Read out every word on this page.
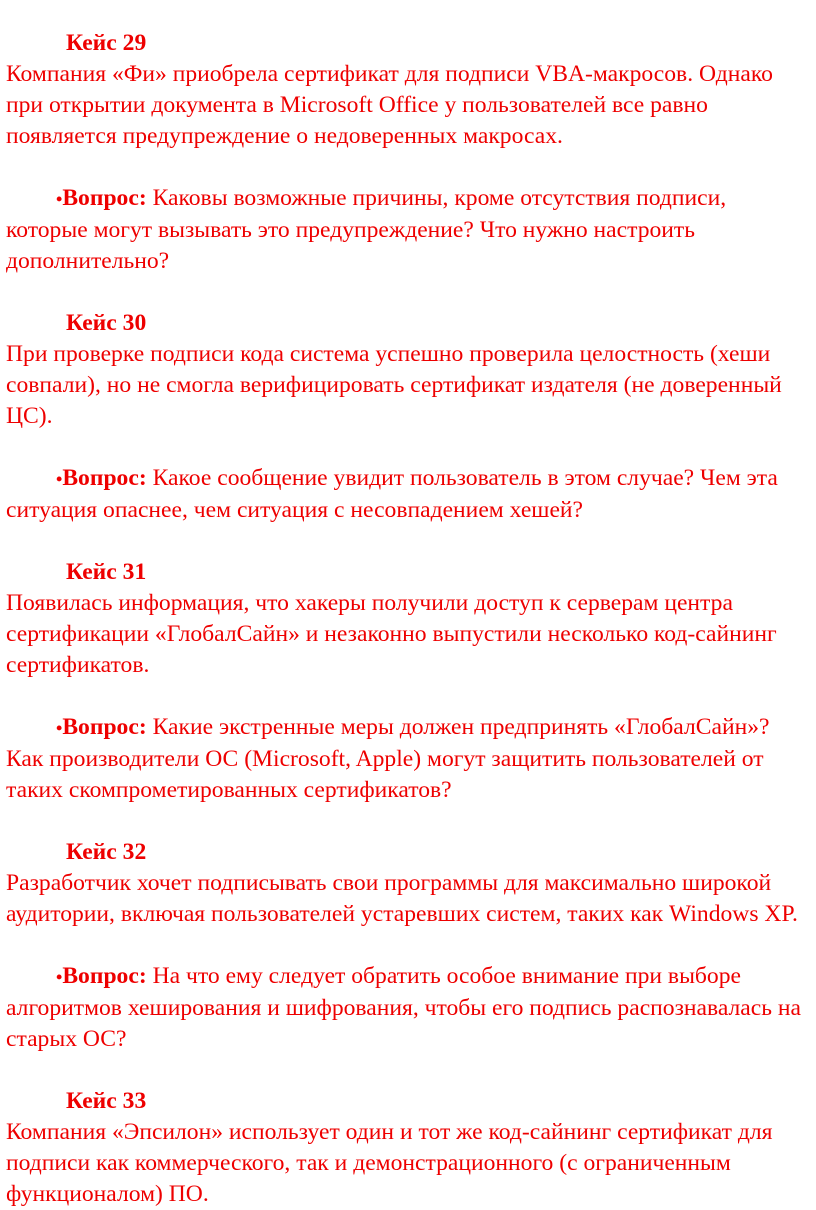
Кейс 29

Компания «Фи» приобрела сертификат для подписи VBA-макросов. Однако при открытии документа в Microsoft Office у пользователей все равно появляется предупреждение о недоверенных макросах.

•Вопрос: Каковы возможные причины, кроме отсутствия подписи, которые могут вызывать это предупреждение? Что нужно настроить дополнительно?

Кейс 30

При проверке подписи кода система успешно проверила целостность (хеши совпали), но не смогла верифицировать сертификат издателя (не доверенный ЦС).

•Вопрос: Какое сообщение увидит пользователь в этом случае? Чем эта ситуация опаснее, чем ситуация с несовпадением хешей?

Кейс 31

Появилась информация, что хакеры получили доступ к серверам центра сертификации «ГлобалСайн» и незаконно выпустили несколько код-сайнинг сертификатов.

•Вопрос: Какие экстренные меры должен предпринять «ГлобалСайн»? Как производители ОС (Microsoft, Apple) могут защитить пользователей от таких скомпрометированных сертификатов?

Кейс 32

Разработчик хочет подписывать свои программы для максимально широкой аудитории, включая пользователей устаревших систем, таких как Windows XP.

•Вопрос: На что ему следует обратить особое внимание при выборе алгоритмов хеширования и шифрования, чтобы его подпись распознавалась на старых ОС?

Кейс 33

Компания «Эпсилон» использует один и тот же код-сайнинг сертификат для подписи как коммерческого, так и демонстрационного (с ограниченным функционалом) ПО.
